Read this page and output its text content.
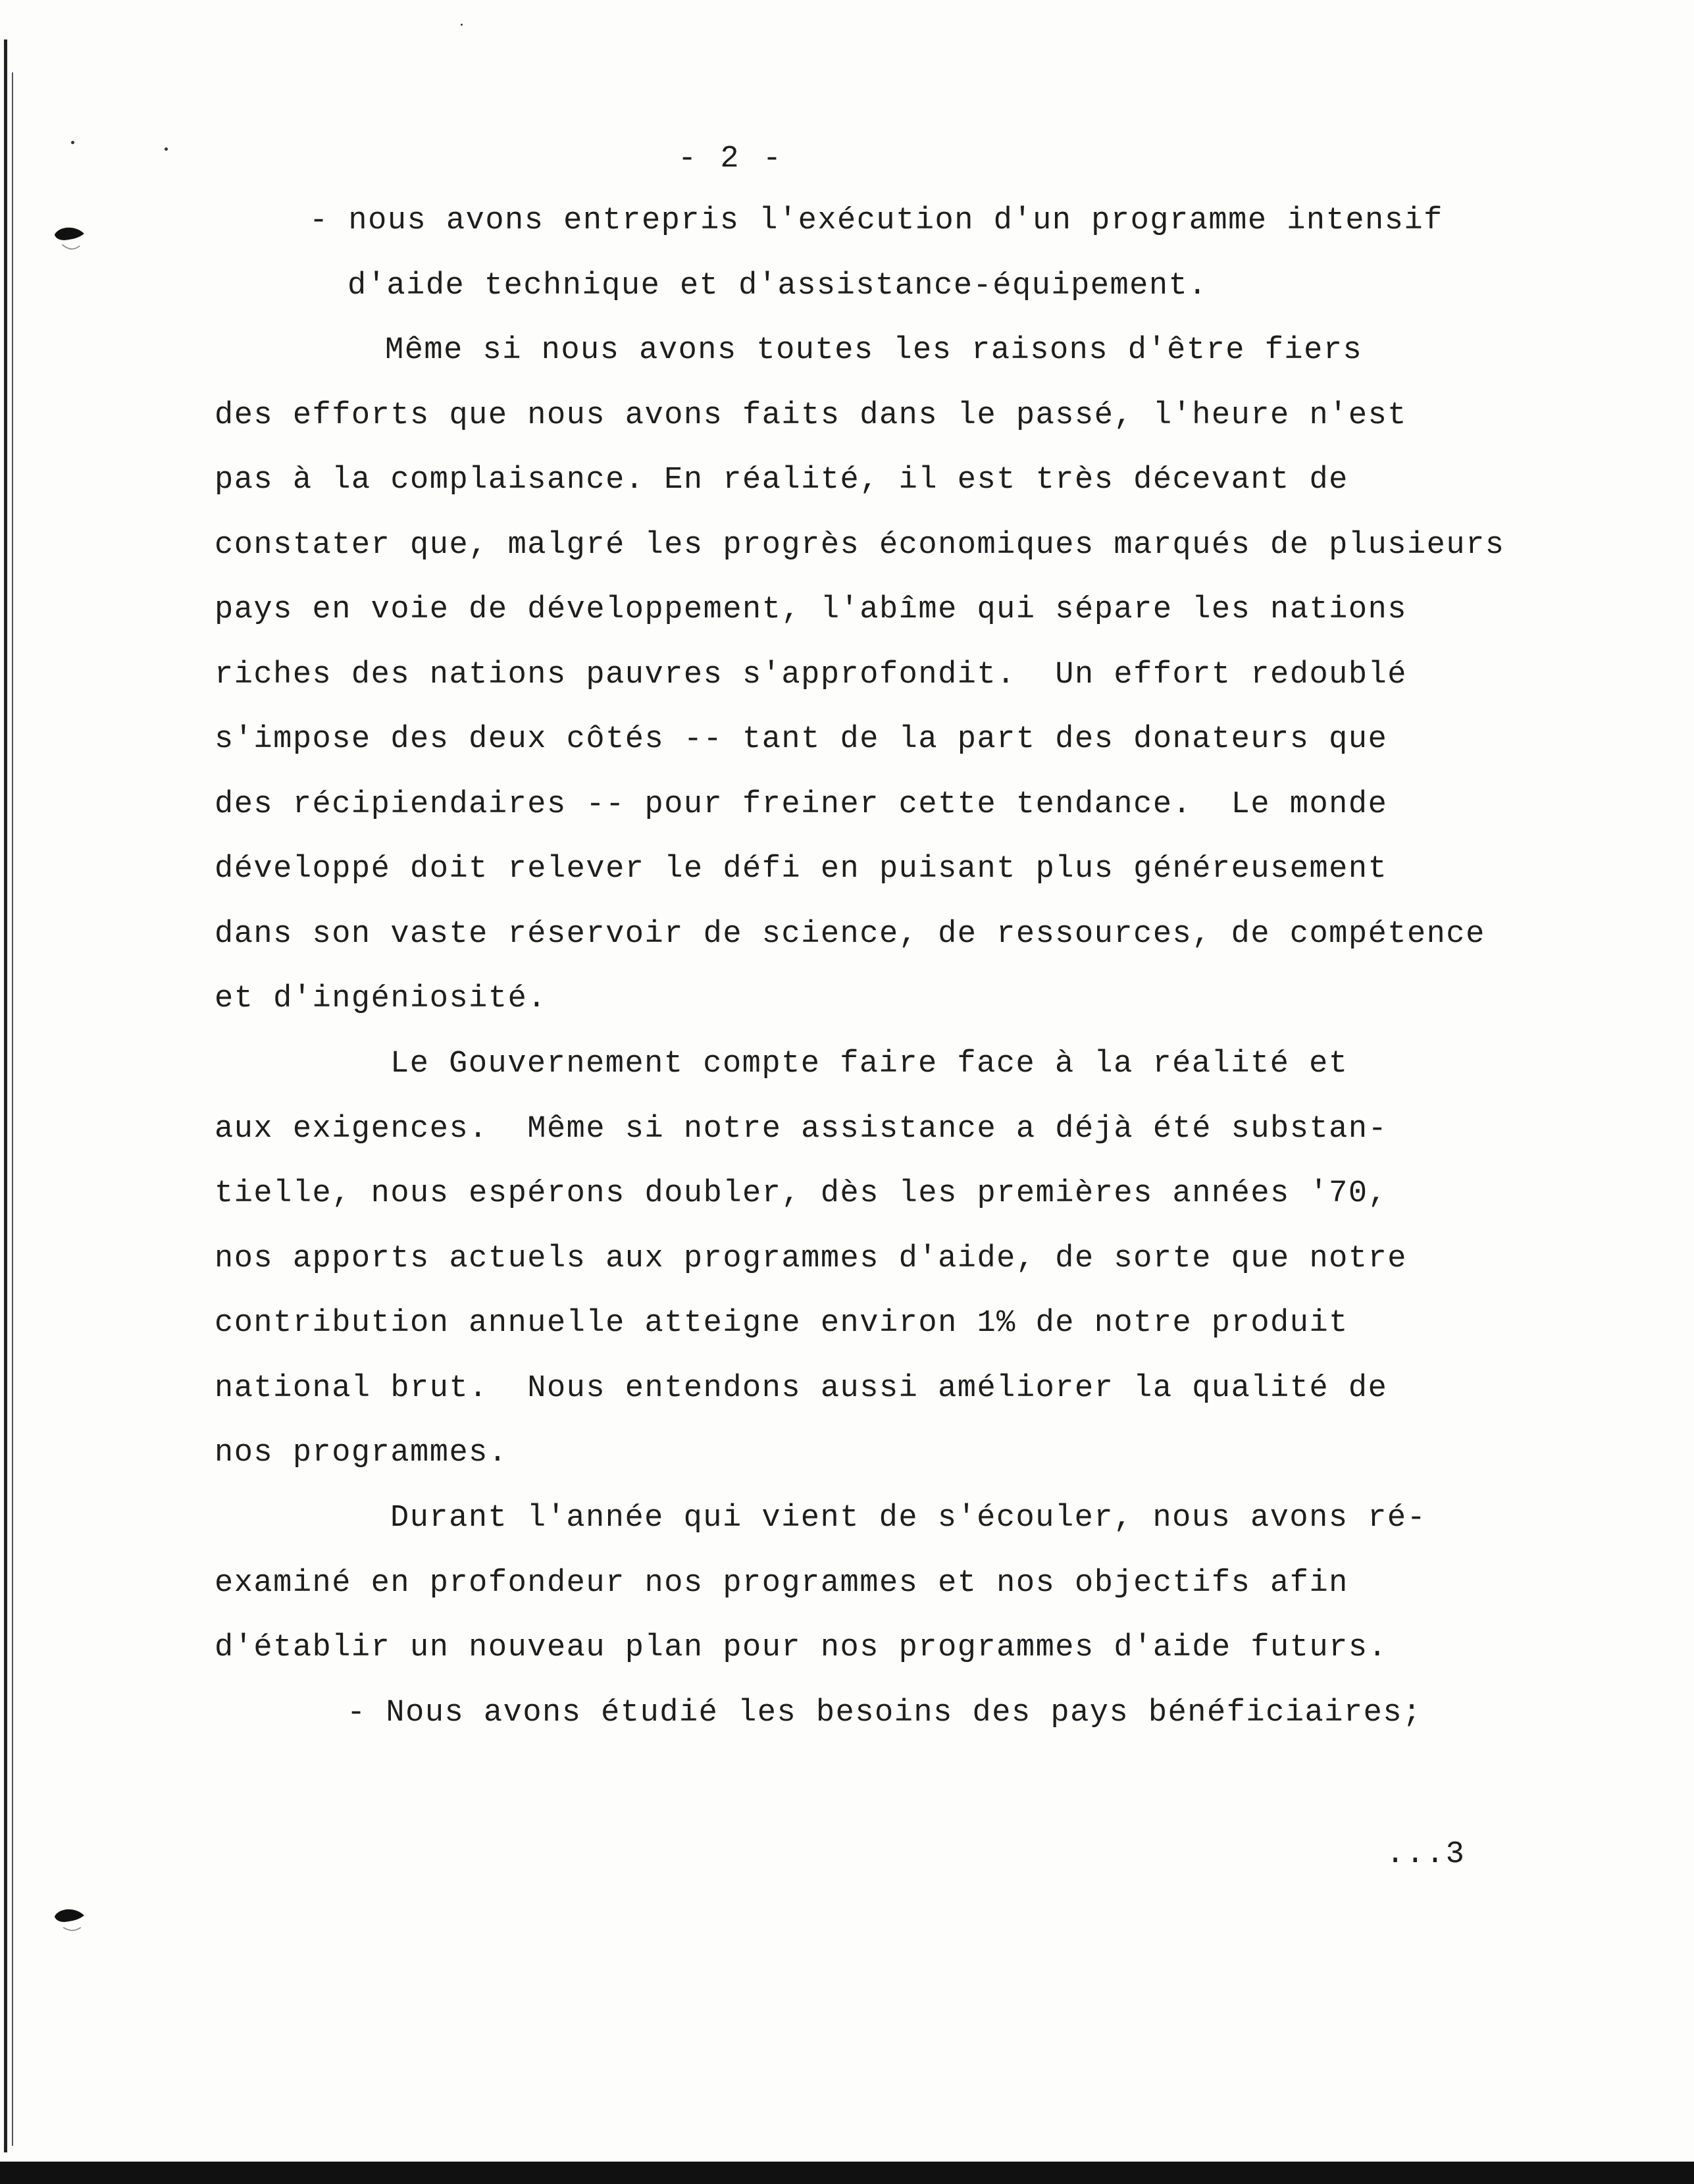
- 2 -
- nous avons entrepris l'exécution d'un programme intensif
d'aide technique et d'assistance-équipement.
Même si nous avons toutes les raisons d'être fiers
des efforts que nous avons faits dans le passé, l'heure n'est
pas à la complaisance. En réalité, il est très décevant de
constater que, malgré les progrès économiques marqués de plusieurs
pays en voie de développement, l'abîme qui sépare les nations
riches des nations pauvres s'approfondit.  Un effort redoublé
s'impose des deux côtés -- tant de la part des donateurs que
des récipiendaires -- pour freiner cette tendance.  Le monde
développé doit relever le défi en puisant plus généreusement
dans son vaste réservoir de science, de ressources, de compétence
et d'ingéniosité.
Le Gouvernement compte faire face à la réalité et
aux exigences.  Même si notre assistance a déjà été substan-
tielle, nous espérons doubler, dès les premières années '70,
nos apports actuels aux programmes d'aide, de sorte que notre
contribution annuelle atteigne environ 1% de notre produit
national brut.  Nous entendons aussi améliorer la qualité de
nos programmes.
Durant l'année qui vient de s'écouler, nous avons ré-
examiné en profondeur nos programmes et nos objectifs afin
d'établir un nouveau plan pour nos programmes d'aide futurs.
- Nous avons étudié les besoins des pays bénéficiaires;
...3
